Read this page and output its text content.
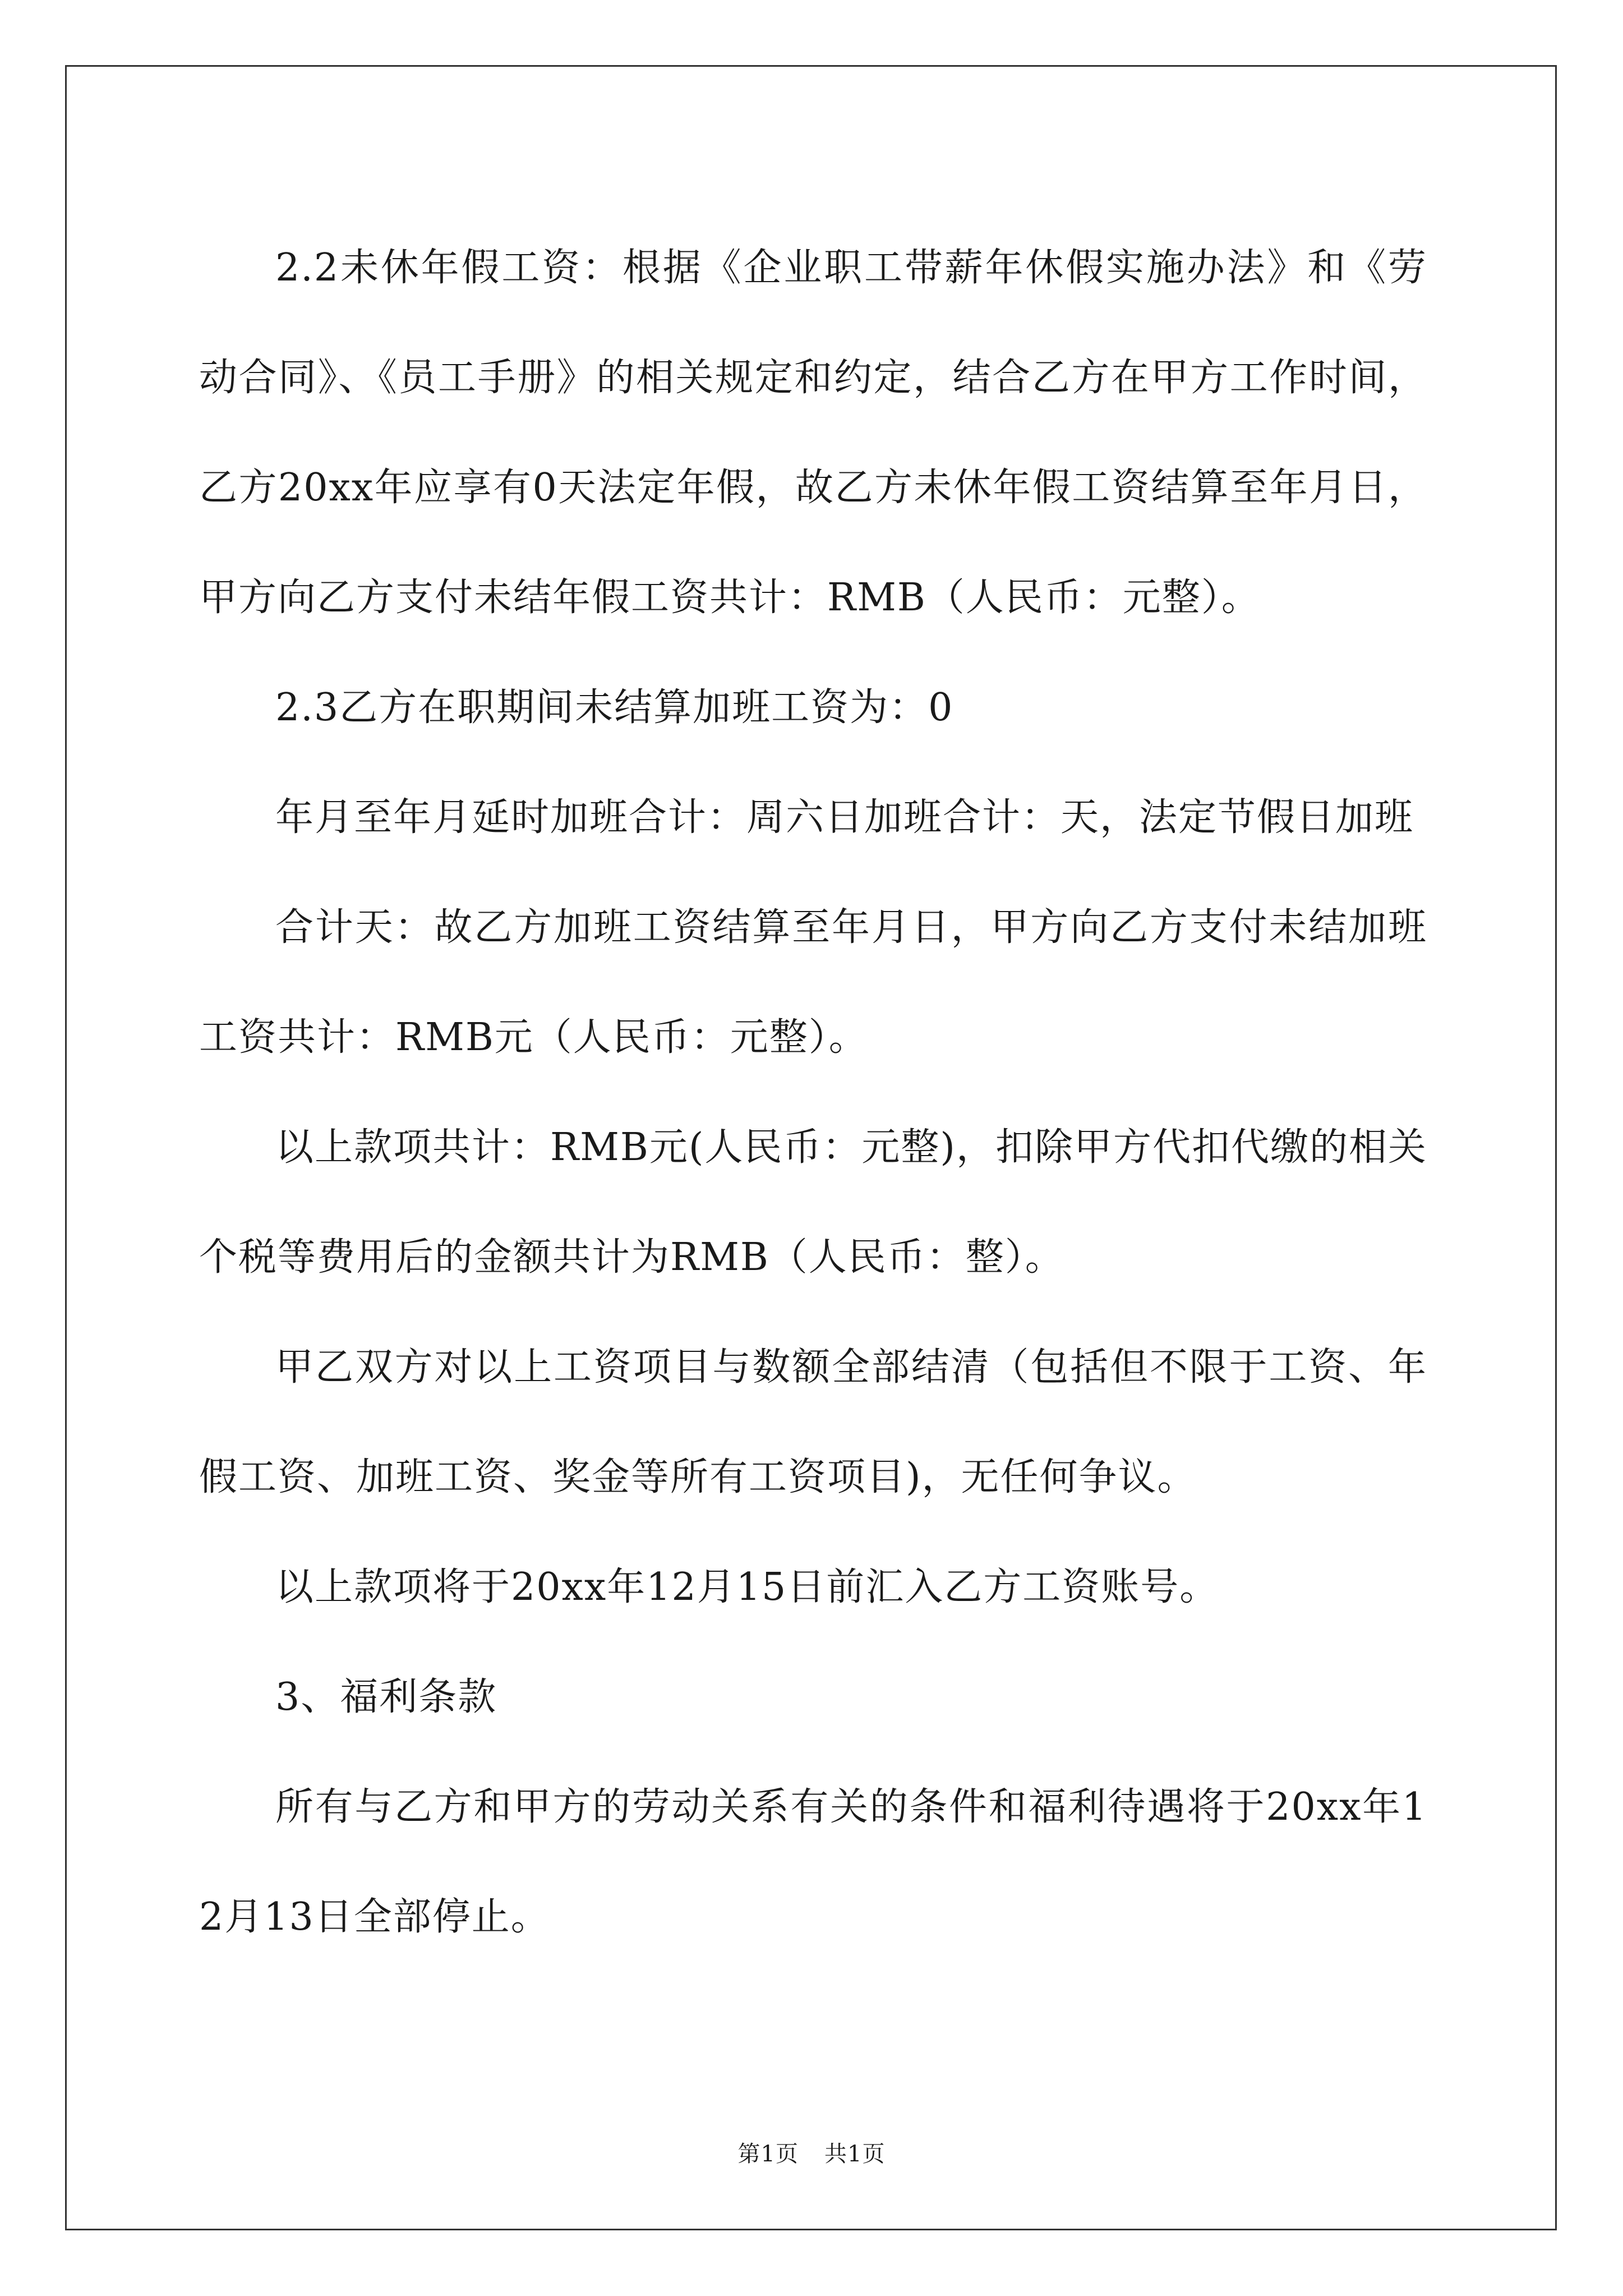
2.2未休年假工资：根据《企业职工带薪年休假实施办法》和《劳动合同》、《员工手册》的相关规定和约定，结合乙方在甲方工作时间，乙方20xx年应享有0天法定年假，故乙方未休年假工资结算至年月日，甲方向乙方支付未结年假工资共计：RMB（人民币：元整）。

2.3乙方在职期间未结算加班工资为：0

年月至年月延时加班合计：周六日加班合计：天，法定节假日加班

合计天：故乙方加班工资结算至年月日，甲方向乙方支付未结加班工资共计：RMB元（人民币：元整）。

以上款项共计：RMB元(人民币：元整)，扣除甲方代扣代缴的相关个税等费用后的金额共计为RMB（人民币：整）。

甲乙双方对以上工资项目与数额全部结清（包括但不限于工资、年假工资、加班工资、奖金等所有工资项目)，无任何争议。

以上款项将于20xx年12月15日前汇入乙方工资账号。

3、福利条款

所有与乙方和甲方的劳动关系有关的条件和福利待遇将于20xx年12月13日全部停止。

第1页 共1页
